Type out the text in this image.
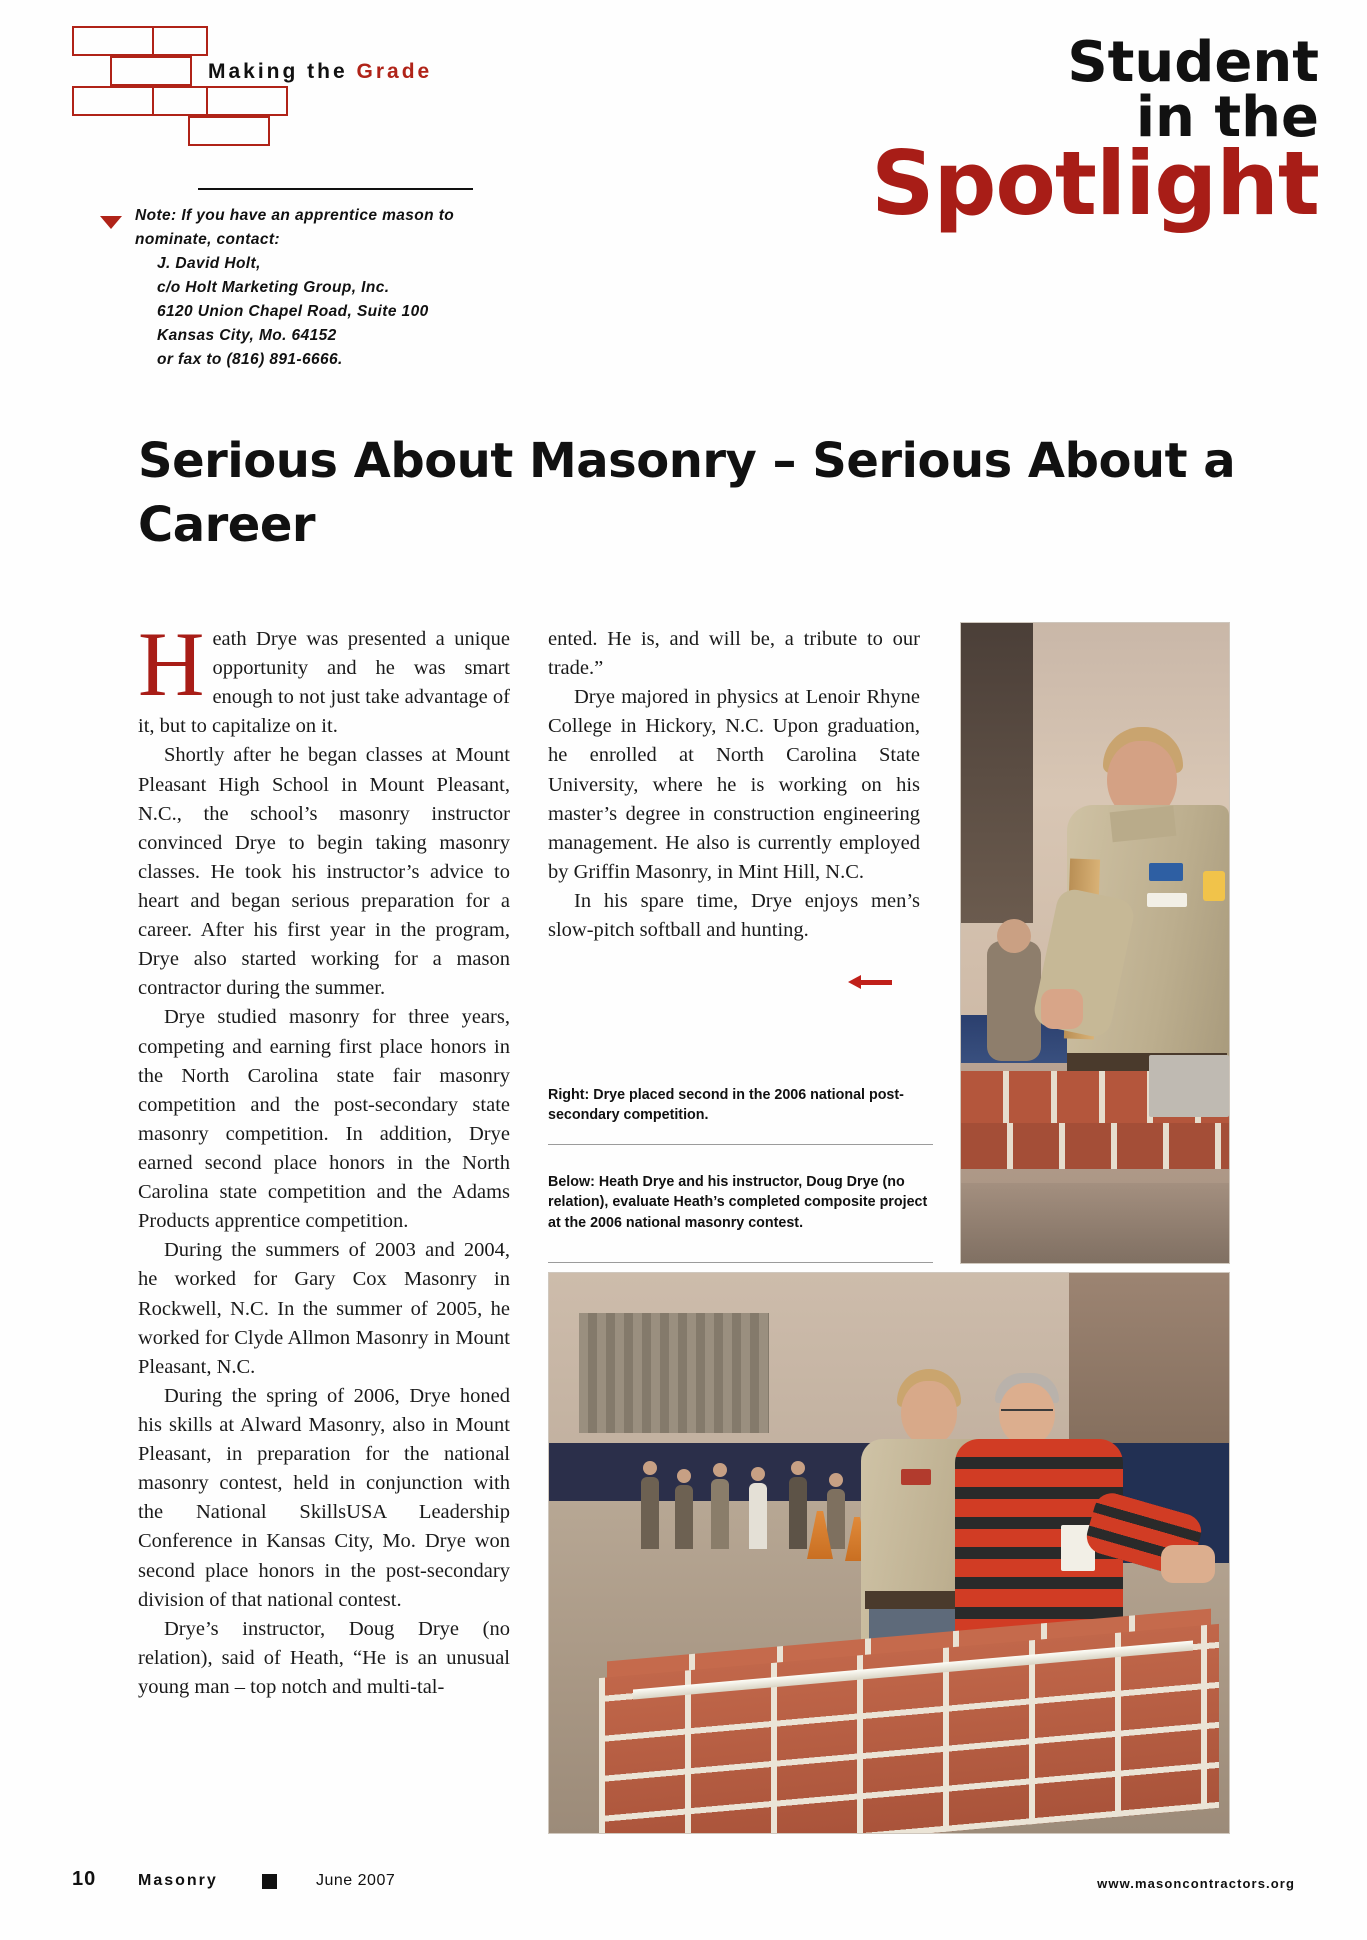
Making the Grade	Student
in the
Spotlight
Note: If you have an apprentice mason to
nominate, contact:
J. David Holt,
c/o Holt Marketing Group, Inc.
6120 Union Chapel Road, Suite 100
Kansas City, Mo. 64152
or fax to (816) 891-6666.
Serious About Masonry – Serious About a Career

Heath Drye was presented a unique opportunity and he was smart enough to not just take advantage of it, but to capitalize on it.

Shortly after he began classes at Mount Pleasant High School in Mount Pleasant, N.C., the school’s masonry instructor convinced Drye to begin taking masonry classes. He took his instructor’s advice to heart and began serious preparation for a career. After his first year in the program, Drye also started working for a mason contractor during the summer.

Drye studied masonry for three years, competing and earning first place honors in the North Carolina state fair masonry competition and the post-secondary state masonry competition. In addition, Drye earned second place honors in the North Carolina state competition and the Adams Products apprentice competition.

During the summers of 2003 and 2004, he worked for Gary Cox Masonry in Rockwell, N.C. In the summer of 2005, he worked for Clyde Allmon Masonry in Mount Pleasant, N.C.

During the spring of 2006, Drye honed his skills at Alward Masonry, also in Mount Pleasant, in preparation for the national masonry contest, held in conjunction with the National SkillsUSA Leadership Conference in Kansas City, Mo. Drye won second place honors in the post-secondary division of that national contest.

Drye’s instructor, Doug Drye (no relation), said of Heath, “He is an unusual young man – top notch and multi-tal-

ented. He is, and will be, a tribute to our trade.”

Drye majored in physics at Lenoir Rhyne College in Hickory, N.C. Upon graduation, he enrolled at North Carolina State University, where he is working on his master’s degree in construction engineering management. He also is currently employed by Griffin Masonry, in Mint Hill, N.C.

In his spare time, Drye enjoys men’s slow-pitch softball and hunting.

Right: Drye placed second in the 2006 national post-secondary competition.
Below: Heath Drye and his instructor, Doug Drye (no relation), evaluate Heath’s completed composite project at the 2006 national masonry contest.
10	Masonry	June 2007	www.masoncontractors.org
